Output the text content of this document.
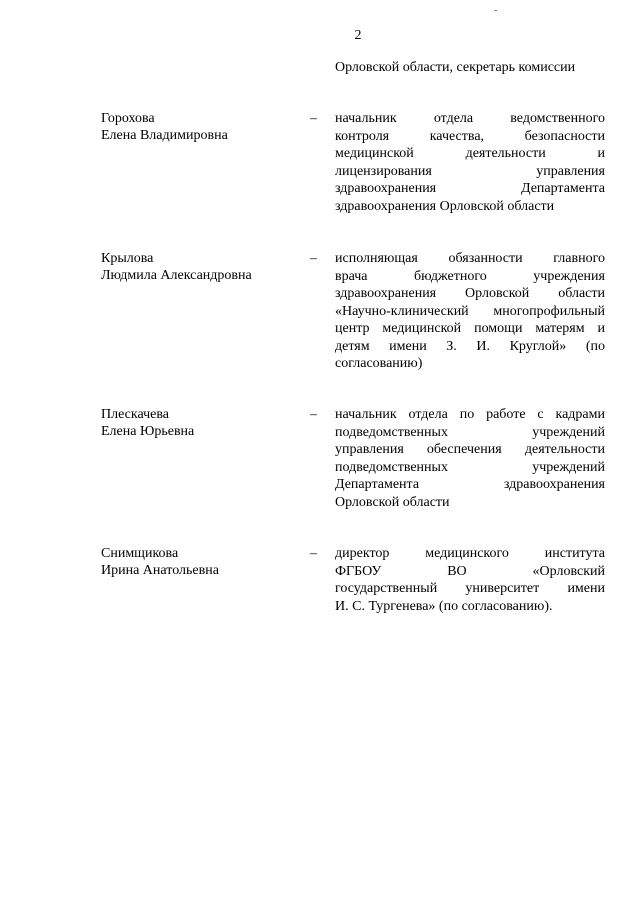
-
2
Орловской области, секретарь комиссии
Горохова
Елена Владимировна
– начальник отдела ведомственного
контроля качества, безопасности
медицинской деятельности и
лицензирования управления
здравоохранения Департамента
здравоохранения Орловской области
Крылова
Людмила Александровна
– исполняющая обязанности главного
врача бюджетного учреждения
здравоохранения Орловской области
«Научно-клинический многопрофильный
центр медицинской помощи матерям и
детям имени З. И. Круглой» (по
согласованию)
Плескачева
Елена Юрьевна
– начальник отдела по работе с кадрами
подведомственных учреждений
управления обеспечения деятельности
подведомственных учреждений
Департамента здравоохранения
Орловской области
Снимщикова
Ирина Анатольевна
– директор медицинского института
ФГБОУ ВО «Орловский
государственный университет имени
И. С. Тургенева» (по согласованию).
